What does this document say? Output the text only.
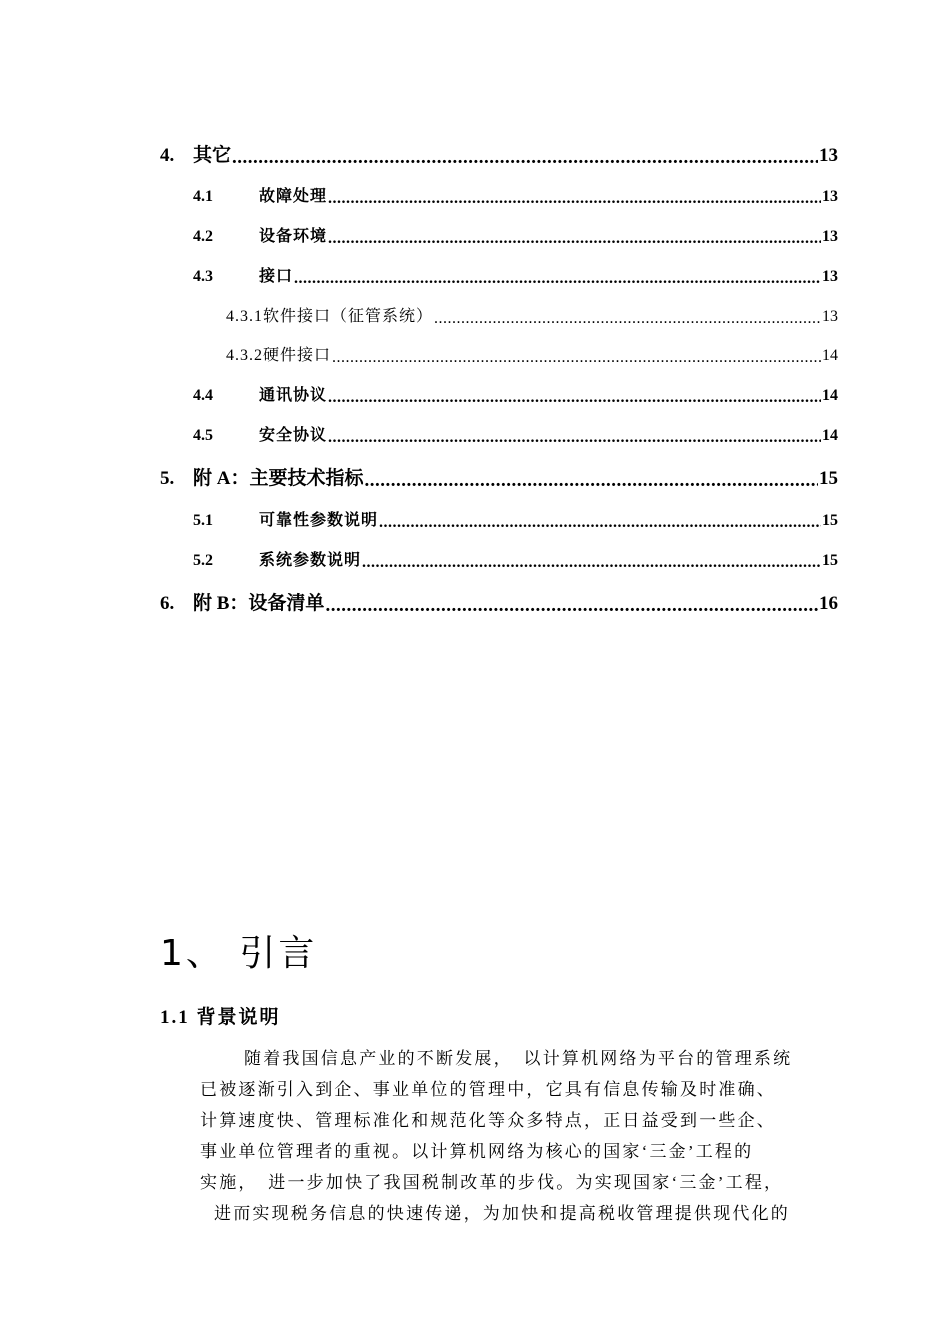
4. 其它 .....	13
4.1	故障处理 .....	13
4.2	设备环境 .....	13
4.3	接口 .....	13
4.3.1 软件接口（征管系统） .....	13
4.3.2 硬件接口 .....	14
4.4	通讯协议 .....	14
4.5	安全协议 .....	14
5. 附 A：主要技术指标 .....	15
5.1	可靠性参数说明 .....	15
5.2	系统参数说明 .....	15
6. 附 B：设备清单 .....	16
1、 引言
1.1 背景说明
随着我国信息产业的不断发展，　以计算机网络为平台的管理系统
已被逐渐引入到企、事业单位的管理中，它具有信息传输及时准确、
计算速度快、管理标准化和规范化等众多特点，正日益受到一些企、
事业单位管理者的重视。以计算机网络为核心的国家‘三金’工程的
实施，　进一步加快了我国税制改革的步伐。为实现国家‘三金’工程，
进而实现税务信息的快速传递，为加快和提高税收管理提供现代化的
